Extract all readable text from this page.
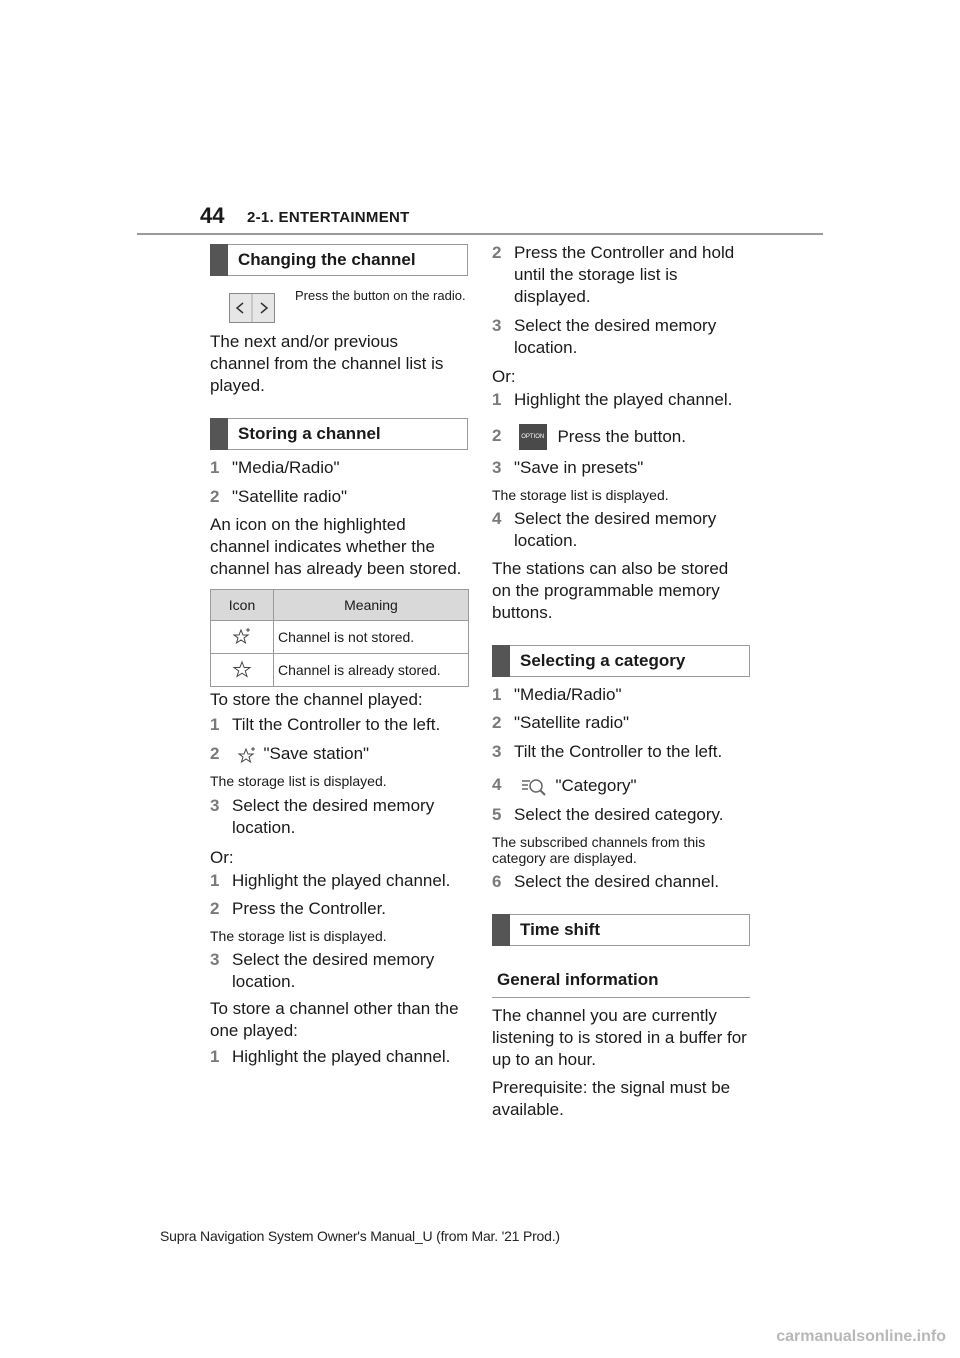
44 2-1. ENTERTAINMENT
Changing the channel
Press the button on the radio.
The next and/or previous channel from the channel list is played.
Storing a channel
1 "Media/Radio"
2 "Satellite radio"
An icon on the highlighted channel indicates whether the channel has already been stored.
Icon	Meaning
	Channel is not stored.
	Channel is already stored.
To store the channel played:
1 Tilt the Controller to the left.
2	"Save station"
The storage list is displayed.
3 Select the desired memory location.
Or:
1 Highlight the played channel.
2 Press the Controller.
The storage list is displayed.
3 Select the desired memory location.
To store a channel other than the one played:
1 Highlight the played channel.
2 Press the Controller and hold until the storage list is displayed.
3 Select the desired memory location.
Or:
1 Highlight the played channel.
2	OPTION Press the button.
3 "Save in presets"
The storage list is displayed.
4 Select the desired memory location.
The stations can also be stored on the programmable memory buttons.
Selecting a category
1 "Media/Radio"
2 "Satellite radio"
3 Tilt the Controller to the left.
4	"Category"
5 Select the desired category.
The subscribed channels from this category are displayed.
6 Select the desired channel.
Time shift
General information
The channel you are currently listening to is stored in a buffer for up to an hour.
Prerequisite: the signal must be available.
Supra Navigation System Owner's Manual_U (from Mar. '21 Prod.)
carmanualsonline.info
